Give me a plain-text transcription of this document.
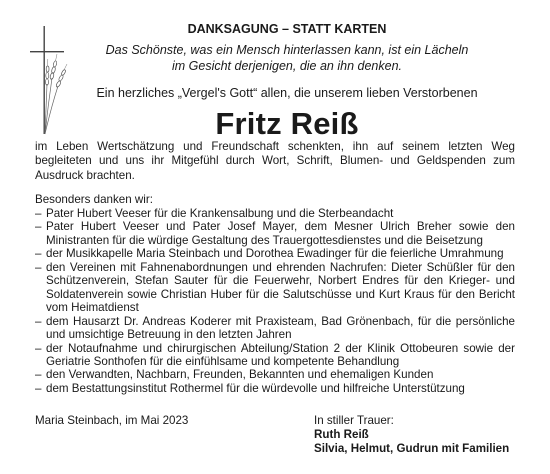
DANKSAGUNG – STATT KARTEN

Das Schönste, was ein Mensch hinterlassen kann, ist ein Lächeln

im Gesicht derjenigen, die an ihn denken.

Ein herzliches „Vergel's Gott“ allen, die unserem lieben Verstorbenen

Fritz Reiß

im Leben Wertschätzung und Freundschaft schenkten, ihn auf seinem letzten Weg begleiteten und uns ihr Mitgefühl durch Wort, Schrift, Blumen- und Geldspenden zum Ausdruck brachten.

Besonders danken wir:

– Pater Hubert Veeser für die Krankensalbung und die Sterbeandacht
– Pater Hubert Veeser und Pater Josef Mayer, dem Mesner Ulrich Breher sowie den Ministranten für die würdige Gestaltung des Trauergottesdienstes und die Beisetzung
– der Musikkapelle Maria Steinbach und Dorothea Ewadinger für die feierliche Umrahmung
– den Vereinen mit Fahnenabordnungen und ehrenden Nachrufen: Dieter Schüßler für den Schützenverein, Stefan Sauter für die Feuerwehr, Norbert Endres für den Krieger- und Soldatenverein sowie Christian Huber für die Salutschüsse und Kurt Kraus für den Bericht vom Heimatdienst
– dem Hausarzt Dr. Andreas Koderer mit Praxisteam, Bad Grönenbach, für die persönliche und umsichtige Betreuung in den letzten Jahren
– der Notaufnahme und chirurgischen Abteilung/Station 2 der Klinik Ottobeuren sowie der Geriatrie Sonthofen für die einfühlsame und kompetente Behandlung
– den Verwandten, Nachbarn, Freunden, Bekannten und ehemaligen Kunden
– dem Bestattungsinstitut Rothermel für die würdevolle und hilfreiche Unterstützung

Maria Steinbach, im Mai 2023	In stiller Trauer:
Ruth Reiß
Silvia, Helmut, Gudrun mit Familien
